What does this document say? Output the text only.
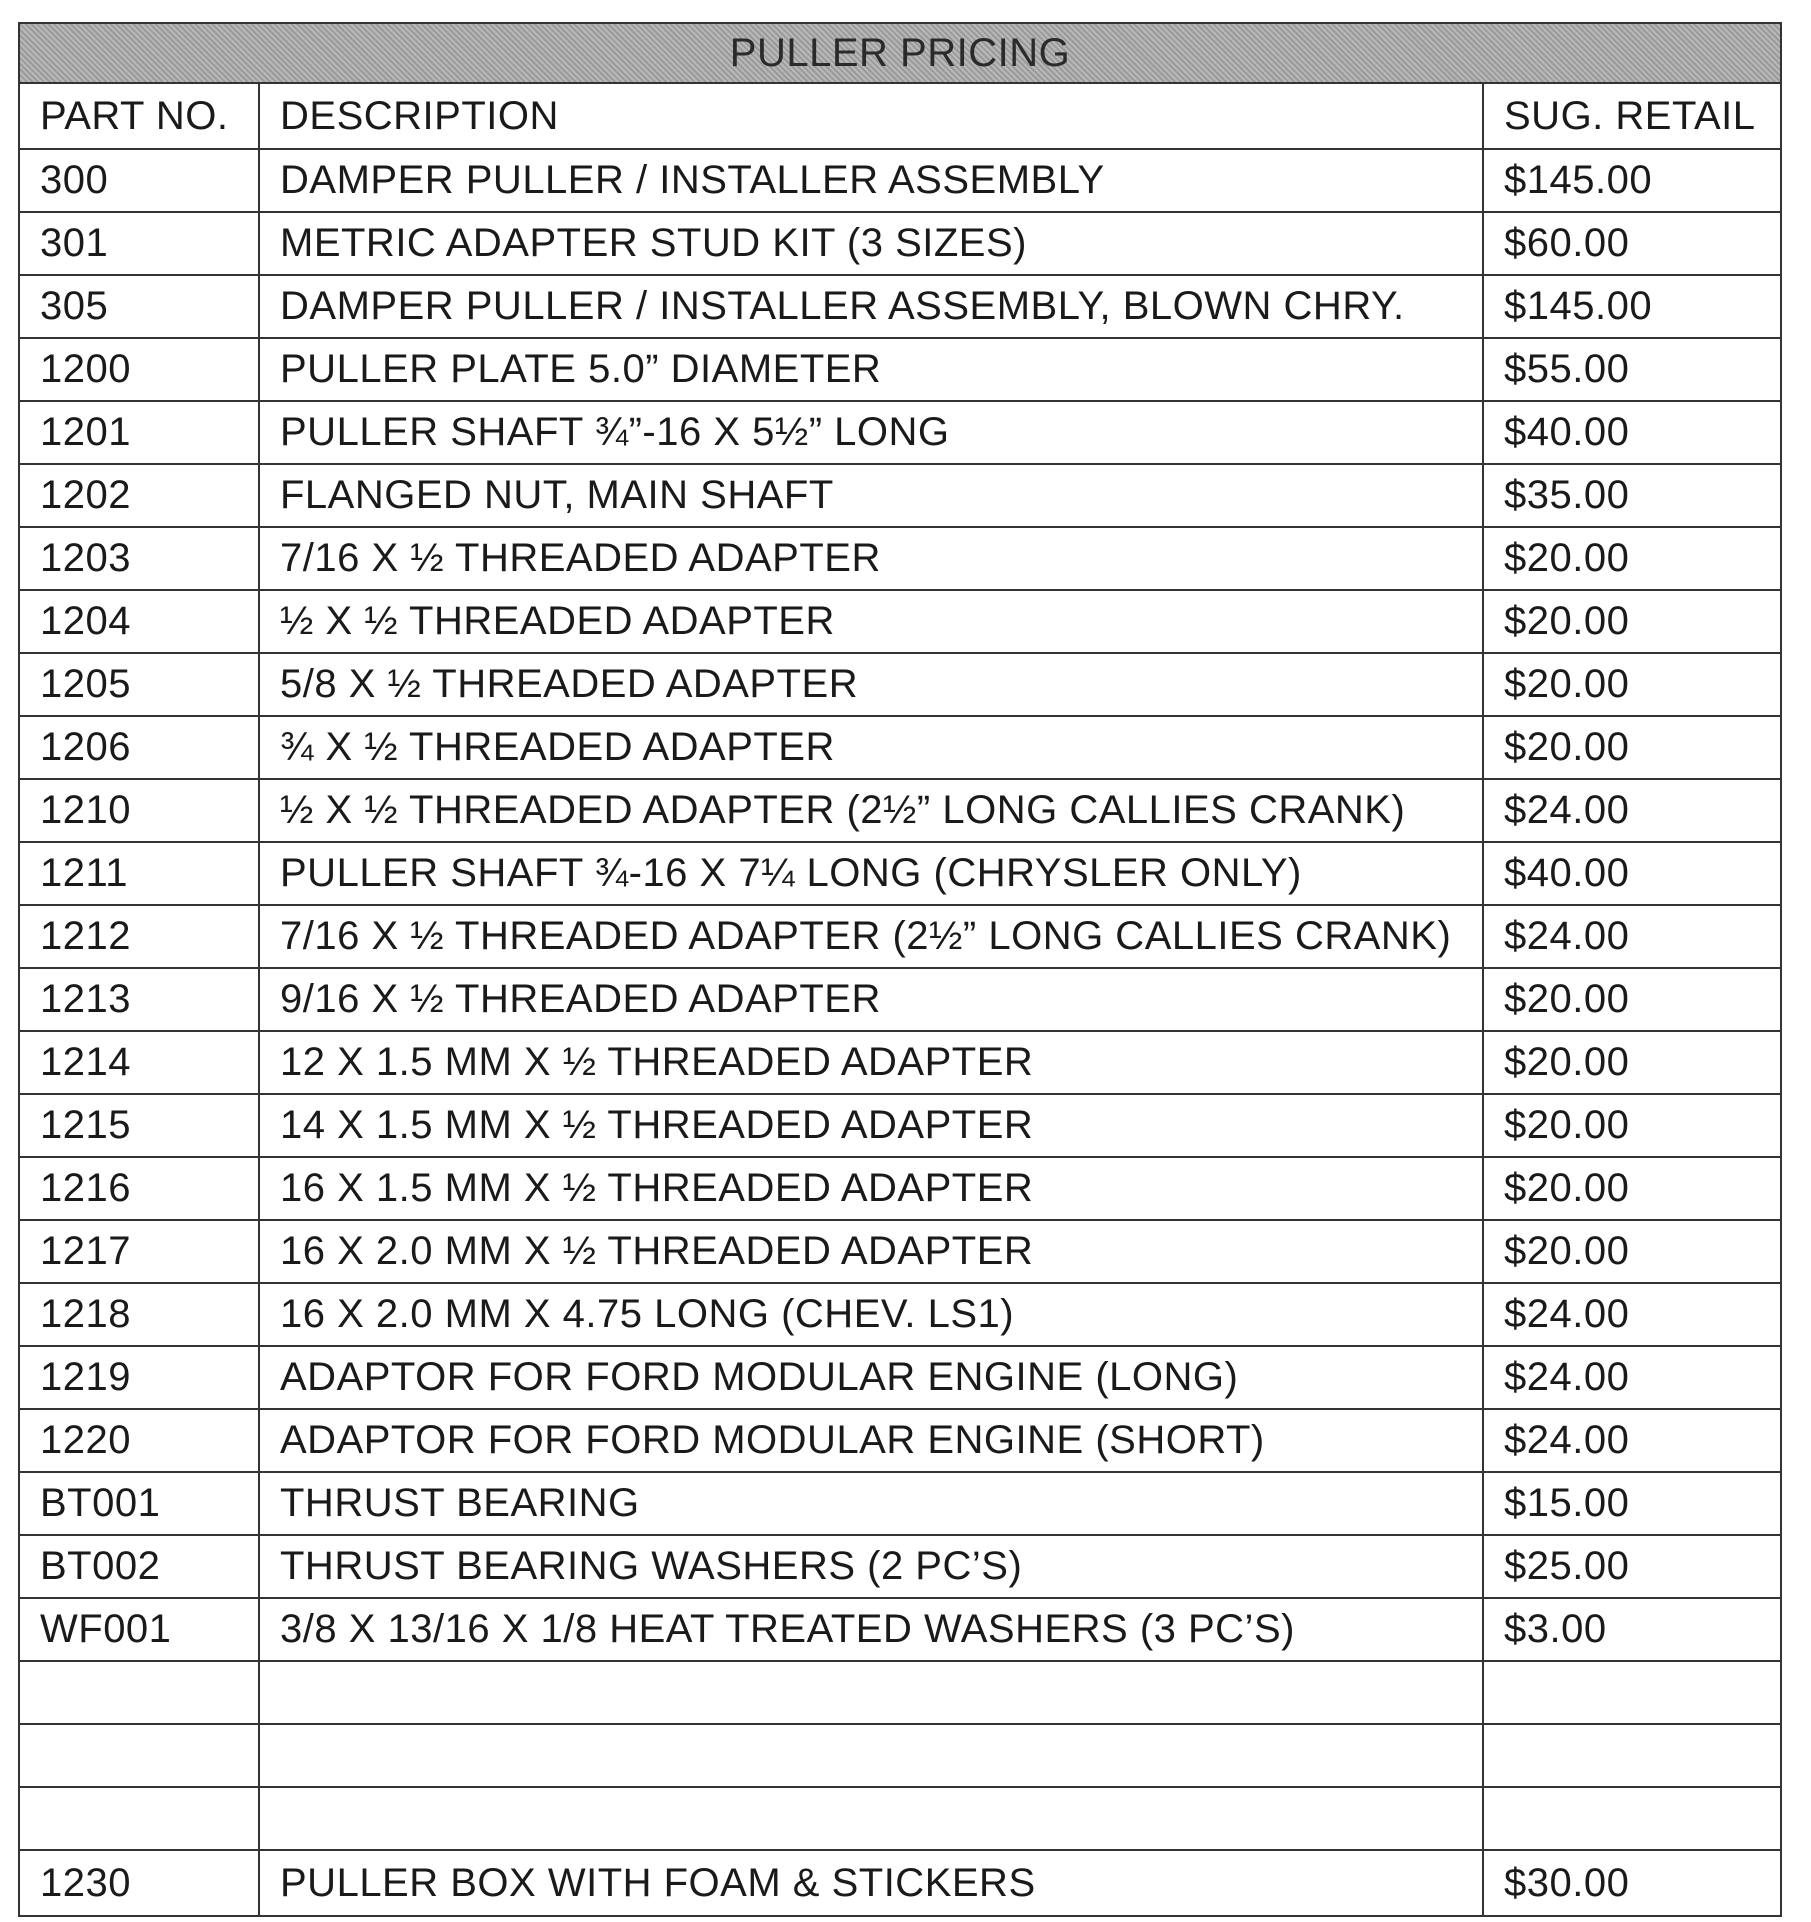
PULLER PRICING		
PART NO.	DESCRIPTION	SUG. RETAIL
300	DAMPER PULLER / INSTALLER ASSEMBLY	$145.00
301	METRIC ADAPTER STUD KIT (3 SIZES)	$60.00
305	DAMPER PULLER / INSTALLER ASSEMBLY, BLOWN CHRY.	$145.00
1200	PULLER PLATE 5.0” DIAMETER	$55.00
1201	PULLER SHAFT ¾”-16 X 5½” LONG	$40.00
1202	FLANGED NUT, MAIN SHAFT	$35.00
1203	7/16 X ½ THREADED ADAPTER	$20.00
1204	½ X ½ THREADED ADAPTER	$20.00
1205	5/8 X ½ THREADED ADAPTER	$20.00
1206	¾ X ½ THREADED ADAPTER	$20.00
1210	½ X ½ THREADED ADAPTER (2½” LONG CALLIES CRANK)	$24.00
1211	PULLER SHAFT ¾-16 X 7¼ LONG (CHRYSLER ONLY)	$40.00
1212	7/16 X ½ THREADED ADAPTER (2½” LONG CALLIES CRANK)	$24.00
1213	9/16 X ½ THREADED ADAPTER	$20.00
1214	12 X 1.5 MM X ½ THREADED ADAPTER	$20.00
1215	14 X 1.5 MM X ½ THREADED ADAPTER	$20.00
1216	16 X 1.5 MM X ½ THREADED ADAPTER	$20.00
1217	16 X 2.0 MM X ½ THREADED ADAPTER	$20.00
1218	16 X 2.0 MM X 4.75 LONG (CHEV. LS1)	$24.00
1219	ADAPTOR FOR FORD MODULAR ENGINE (LONG)	$24.00
1220	ADAPTOR FOR FORD MODULAR ENGINE (SHORT)	$24.00
BT001	THRUST BEARING	$15.00
BT002	THRUST BEARING WASHERS (2 PC’S)	$25.00
WF001	3/8 X 13/16 X 1/8 HEAT TREATED WASHERS (3 PC’S)	$3.00

1230	PULLER BOX WITH FOAM & STICKERS	$30.00
